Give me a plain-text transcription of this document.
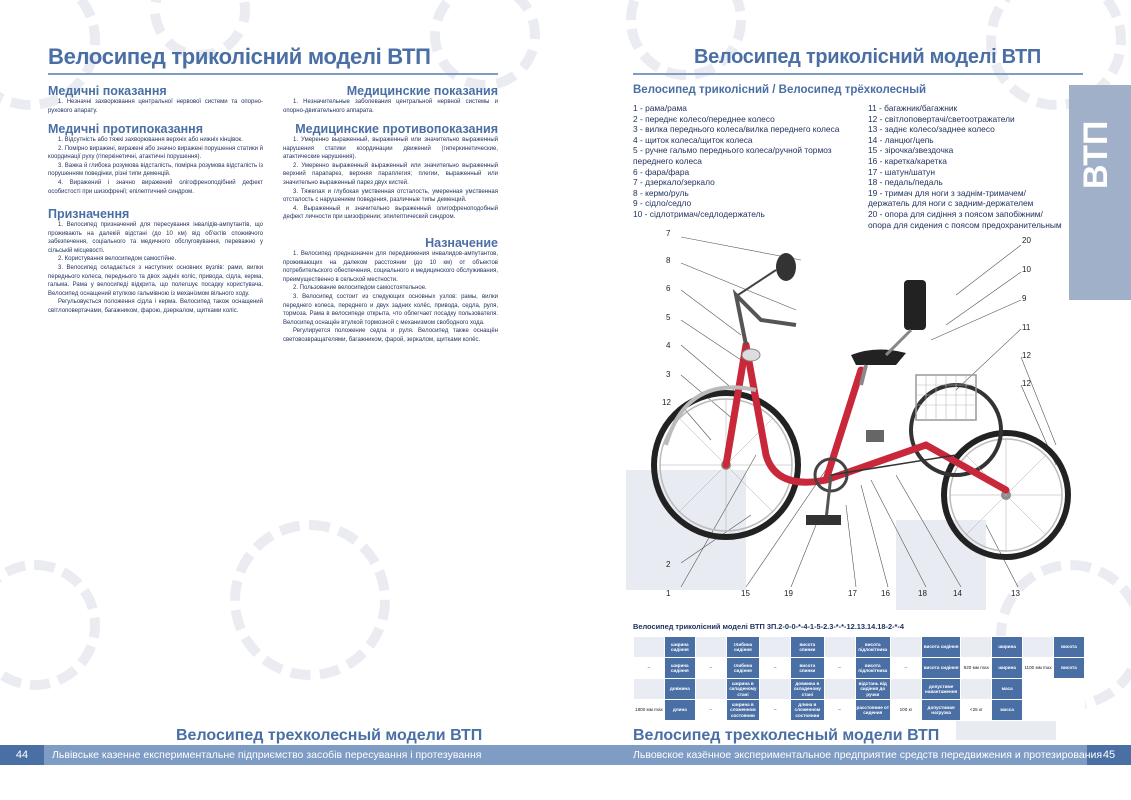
Велосипед триколісний моделі ВТП
Медичні показання

1. Незначні захворювання центральної нервової системи та опорно-рухового апарату.

Медичні протипоказання

1. Відсутність або тяжкі захворювання верхніх або нижніх кінцівок.

2. Помірно виражені, виражені або значно виражені порушення статики й координації руху (гіперкінетичні, атактичні порушення).

3. Важка й глибока розумова відсталість, помірна розумова відсталість із порушенням поведінки, різні типи деменцій.

4. Виражений і значно виражений олігофреноподібний дефект особистості при шизофренії; епілептичний синдром.

Призначення

1. Велосипед призначений для пересування інвалідів-ампутантів, що проживають на далекій відстані (до 10 км) від об'єктів споживчого забезпечення, соціального та медичного обслуговування, переважно у сільській місцевості.

2. Користування велосипедом самостійне.

3. Велосипед складається з наступних основних вузлів: рами, вилки переднього колеса, переднього та двох задніх коліс, привода, сідла, керма, гальма. Рама у велосипеді відкрита, що полегшує посадку користувача. Велосипед оснащений втулкою гальмівною із механізмом вільного ходу.

Регульовується положення сідла і керма. Велосипед також оснащений світлоповертачами, багажником, фарою, дзеркалом, щитками коліс.

Медицинские показания

1. Незначительные заболевания центральной нервной системы и опорно-двигательного аппарата.

Медицинские противопоказания

1. Умеренно выраженный, выраженный или значительно выраженный нарушения статики координации движений (гиперкинетические, атактические нарушения).

2. Умеренно выраженный выраженный или значительно выраженный верхний парапарез, верхняя параплегия; плегии, выраженный или значительно выраженный парез двух кистей.

3. Тяжелая и глубокая умственная отсталость, умеренная умственная отсталость с нарушением поведения, различные типы деменций.

4. Выраженный и значительно выраженный олигофреноподобный дефект личности при шизофрении; эпилептический синдром.

Назначение

1. Велосипед предназначен для передвижения инвалидов-ампутантов, проживающих на далеком расстоянии (до 10 км) от объектов потребительского обеспечения, социального и медицинского обслуживания, преимущественно в сельской местности.

2. Пользование велосипедом самостоятельное.

3. Велосипед состоит из следующих основных узлов: рамы, вилки переднего колеса, переднего и двух задних колёс, привода, седла, руля, тормоза. Рама в велосипеде открыта, что облегчает посадку пользователя. Велосипед оснащён втулкой тормозной с механизмом свободного хода.

Регулируется положение седла и руля. Велосипед также оснащён световозвращателями, багажником, фарой, зеркалом, щитками колёс.

Велосипед трехколесный модели ВТП
44	Львівське казенне експериментальне підприємство засобів пересування і протезування
Велосипед триколісний моделі ВТП
Велосипед триколісний / Велосипед трёхколесный
ВТП
1 - рама/рама
2 - переднє колесо/переднее колесо
3 - вилка переднього колеса/вилка переднего колеса
4 - щиток колеса/щиток колеса
5 - ручне гальмо переднього колеса/ручной тормоз
переднего колеса
6 - фара/фара
7 - дзеркало/зеркало
8 - кермо/руль
9 - сідло/седло
10 - сідлотримач/седлодержатель
11 - багажник/багажник
12 - світлоповертачі/светоотражатели
13 - заднє колесо/заднее колесо
14 - ланцюг/цепь
15 - зірочка/звездочка
16 - каретка/каретка
17 - шатун/шатун
18 - педаль/педаль
19 - тримач для ноги з заднім-тримачем/
держатель для ноги с задним-держателем
20 - опора для сидіння з поясом запобіжним/
опора для сидения с поясом предохранительным
7
8
6
5
4
3
12
20
10
9
11
12
12
2
1	15	19	17	16	18	14	13
Велосипед триколісний моделі ВТП 3П.2-0-0-*-4-1-5-2.3-*-*-12.13.14.18-2-*-4
	ширина сидіння		глибина сидіння		висота спинки		висота підлокітника		висота сидіння		ширина		висота
–	ширина сидіння	–	глибина сидіння	–	висота спинки	–	висота підлокітника	–	висота сидіння	920 мм max	ширина	1100 мм max	висота
	довжина		ширина в складеному стані		довжина в складеному стані		відстань від сидіння до ручки		допустиме навантаження		маса		
1800 мм max	длина	–	ширина в сложенном состоянии	–	длина в сложенном состоянии	–	расстояние от сидения	100 кг	допустимая нагрузка	<25 кг	масса		
Велосипед трехколесный модели ВТП
45
Львовское казённое экспериментальное предприятие средств передвижения и протезирования
